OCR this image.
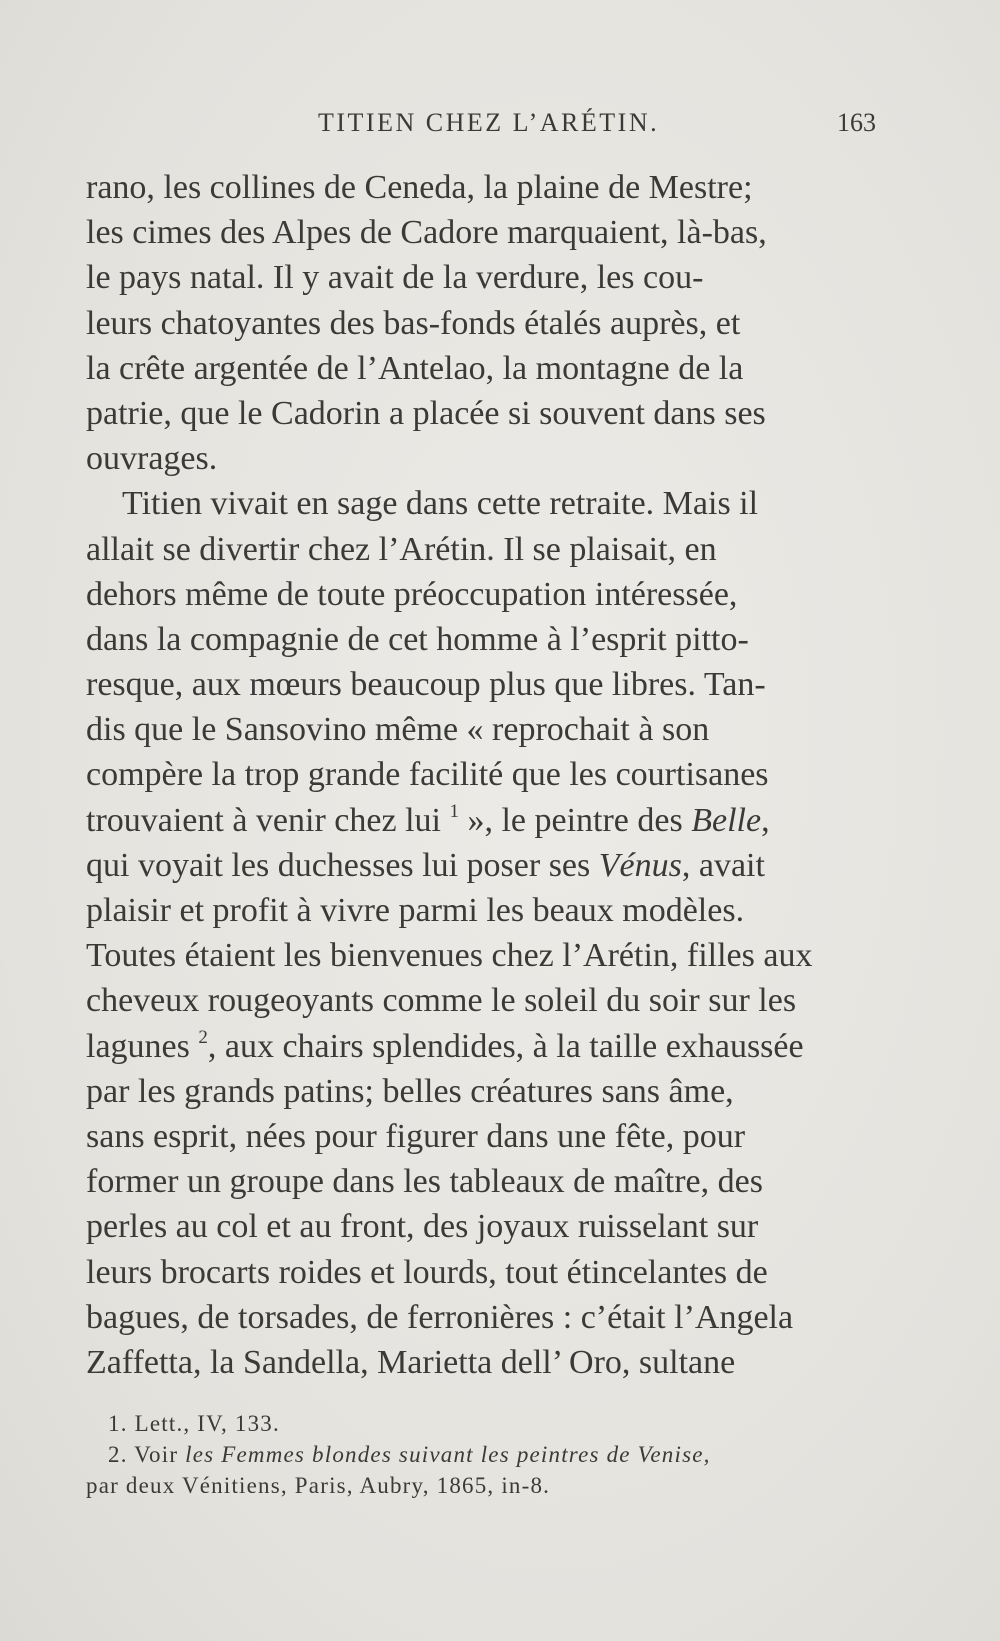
TITIEN CHEZ L’ARÉTIN.	163
rano, les collines de Ceneda, la plaine de Mestre;
les cimes des Alpes de Cadore marquaient, là-bas,
le pays natal. Il y avait de la verdure, les cou-
leurs chatoyantes des bas-fonds étalés auprès, et
la crête argentée de l’Antelao, la montagne de la
patrie, que le Cadorin a placée si souvent dans ses
ouvrages.
Titien vivait en sage dans cette retraite. Mais il
allait se divertir chez l’Arétin. Il se plaisait, en
dehors même de toute préoccupation intéressée,
dans la compagnie de cet homme à l’esprit pitto-
resque, aux mœurs beaucoup plus que libres. Tan-
dis que le Sansovino même « reprochait à son
compère la trop grande facilité que les courtisanes
trouvaient à venir chez lui $^1$ », le peintre des Belle,
qui voyait les duchesses lui poser ses Vénus, avait
plaisir et profit à vivre parmi les beaux modèles.
Toutes étaient les bienvenues chez l’Arétin, filles aux
cheveux rougeoyants comme le soleil du soir sur les
lagunes $^2$, aux chairs splendides, à la taille exhaussée
par les grands patins; belles créatures sans âme,
sans esprit, nées pour figurer dans une fête, pour
former un groupe dans les tableaux de maître, des
perles au col et au front, des joyaux ruisselant sur
leurs brocarts roides et lourds, tout étincelantes de
bagues, de torsades, de ferronières : c’était l’Angela
Zaffetta, la Sandella, Marietta dell’ Oro, sultane
1. Lett., IV, 133.
2. Voir les Femmes blondes suivant les peintres de Venise,
par deux Vénitiens, Paris, Aubry, 1865, in-8.
